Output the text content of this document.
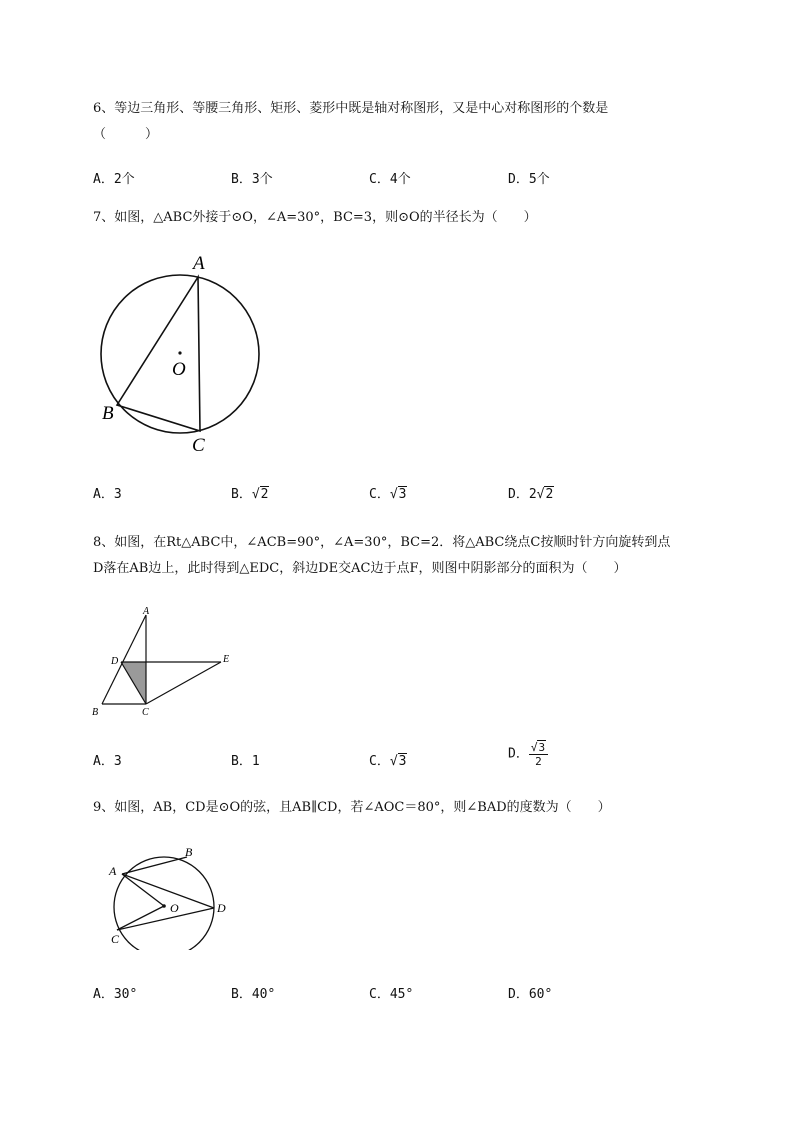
6、等边三角形、等腰三角形、矩形、菱形中既是轴对称图形，又是中心对称图形的个数是
（　　　）
A．2个	B．3个	C．4个	D．5个
7、如图，△ABC外接于⊙O，∠A=30°，BC=3，则⊙O的半径长为（　　）
A
B
C
O
A．3	B．√2	C．√3	D．2√2
8、如图，在Rt△ABC中，∠ACB=90°，∠A=30°，BC=2．将△ABC绕点C按顺时针方向旋转到点
D落在AB边上，此时得到△EDC，斜边DE交AC边于点F，则图中阴影部分的面积为（　　）
A
B	C
D	E
A．3	B．1	C．√3	D． $\frac{√3}{2}$
9、如图，AB，CD是⊙O的弦，且AB∥CD，若∠AOC＝80°，则∠BAD的度数为（　　）
A
B
C
D
O
A．30°	B．40°	C．45°	D．60°
